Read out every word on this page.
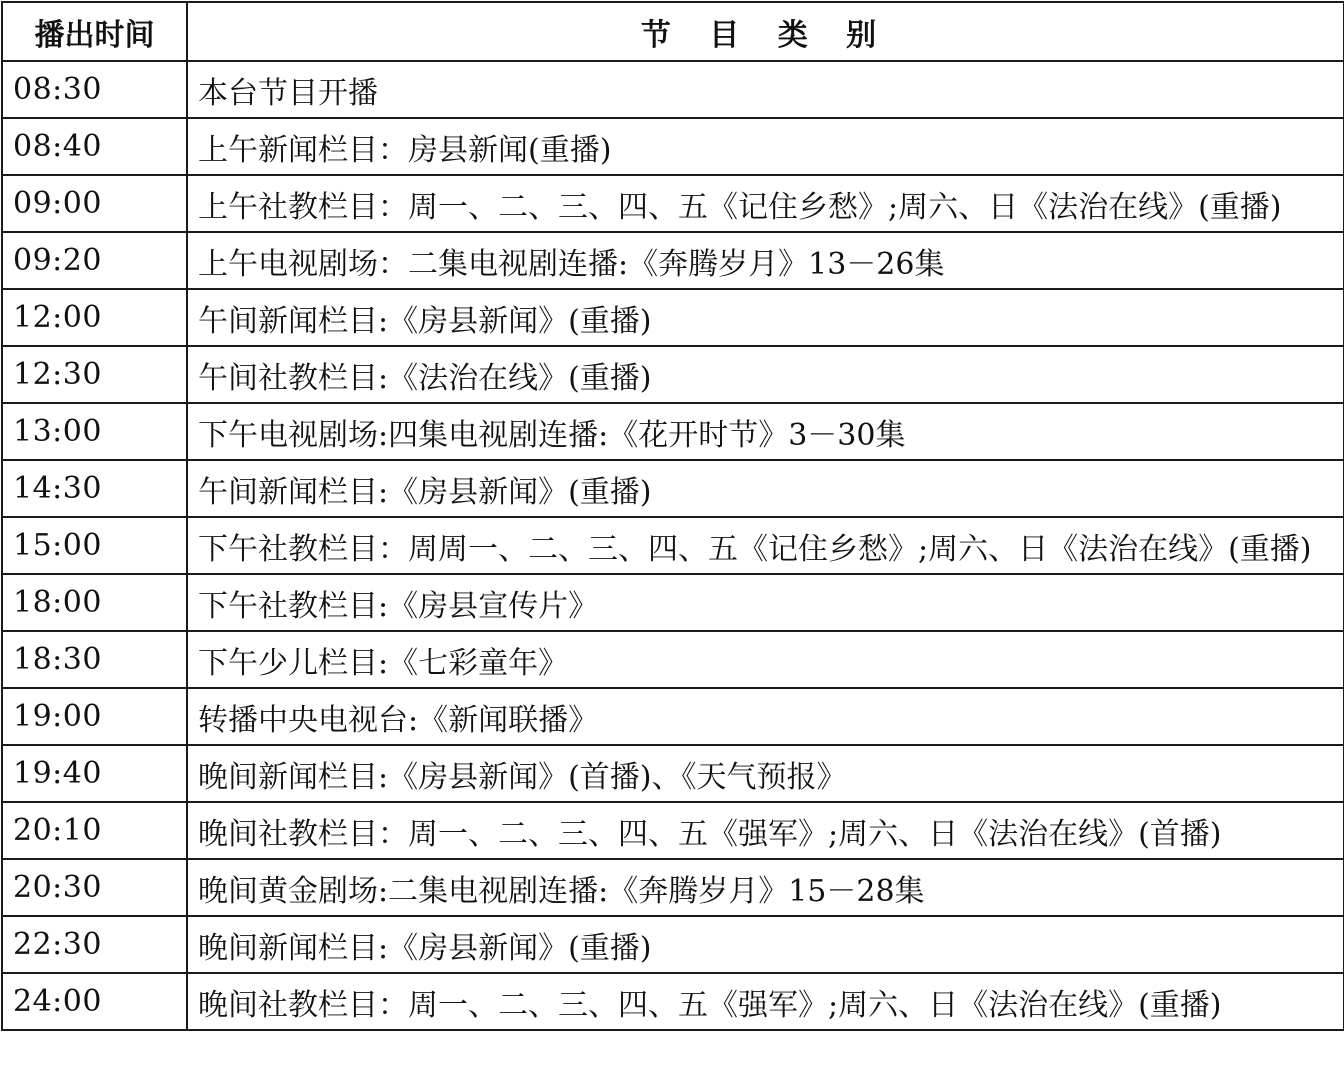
播出时间	节 目 类 别
08:30	本台节目开播
08:40	上午新闻栏目：房县新闻(重播)
09:00	上午社教栏目：周一、二、三、四、五《记住乡愁》;周六、日《法治在线》(重播)
09:20	上午电视剧场：二集电视剧连播:《奔腾岁月》13－26集
12:00	午间新闻栏目:《房县新闻》(重播)
12:30	午间社教栏目:《法治在线》(重播)
13:00	下午电视剧场:四集电视剧连播:《花开时节》3－30集
14:30	午间新闻栏目:《房县新闻》(重播)
15:00	下午社教栏目：周周一、二、三、四、五《记住乡愁》;周六、日《法治在线》(重播)
18:00	下午社教栏目:《房县宣传片》
18:30	下午少儿栏目:《七彩童年》
19:00	转播中央电视台:《新闻联播》
19:40	晚间新闻栏目:《房县新闻》(首播)、《天气预报》
20:10	晚间社教栏目：周一、二、三、四、五《强军》;周六、日《法治在线》(首播)
20:30	晚间黄金剧场:二集电视剧连播:《奔腾岁月》15－28集
22:30	晚间新闻栏目:《房县新闻》(重播)
24:00	晚间社教栏目：周一、二、三、四、五《强军》;周六、日《法治在线》(重播)
